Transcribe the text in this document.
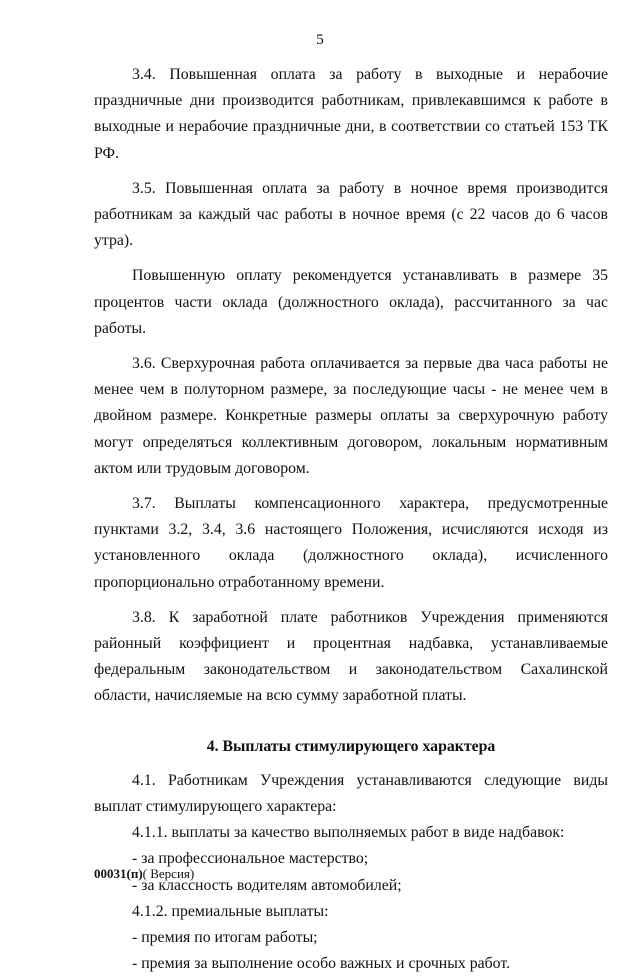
5

3.4. Повышенная оплата за работу в выходные и нерабочие праздничные дни производится работникам, привлекавшимся к работе в выходные и нерабочие праздничные дни, в соответствии со статьей 153 ТК РФ.

3.5. Повышенная оплата за работу в ночное время производится работникам за каждый час работы в ночное время (с 22 часов до 6 часов утра).

Повышенную оплату рекомендуется устанавливать в размере 35 процентов части оклада (должностного оклада), рассчитанного за час работы.

3.6. Сверхурочная работа оплачивается за первые два часа работы не менее чем в полуторном размере, за последующие часы - не менее чем в двойном размере. Конкретные размеры оплаты за сверхурочную работу могут определяться коллективным договором, локальным нормативным актом или трудовым договором.

3.7. Выплаты компенсационного характера, предусмотренные пунктами 3.2, 3.4, 3.6 настоящего Положения, исчисляются исходя из установленного оклада (должностного оклада), исчисленного пропорционально отработанному времени.

3.8. К заработной плате работников Учреждения применяются районный коэффициент и процентная надбавка, устанавливаемые федеральным законодательством и законодательством Сахалинской области, начисляемые на всю сумму заработной платы.

4. Выплаты стимулирующего характера

4.1. Работникам Учреждения устанавливаются следующие виды выплат стимулирующего характера:

4.1.1. выплаты за качество выполняемых работ в виде надбавок:

- за профессиональное мастерство;

- за классность водителям автомобилей;

4.1.2. премиальные выплаты:

- премия по итогам работы;

- премия за выполнение особо важных и срочных работ.

00031(п)( Версия)
